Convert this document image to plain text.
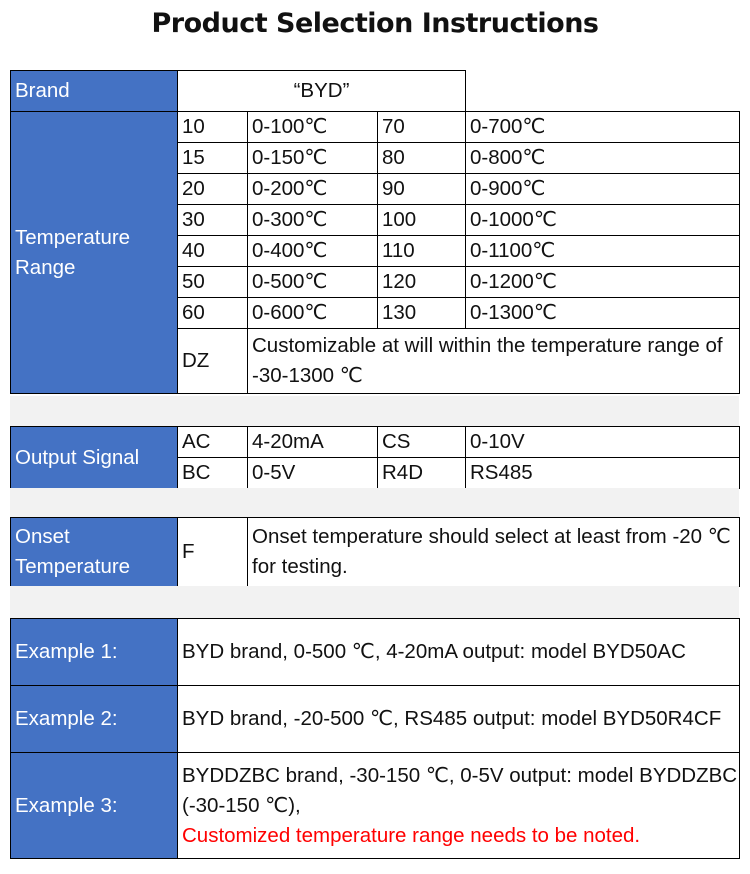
Product Selection Instructions
Brand	“BYD”			
Temperature Range	10	0-100℃	70	0-700℃
	15	0-150℃	80	0-800℃
	20	0-200℃	90	0-900℃
	30	0-300℃	100	0-1000℃
	40	0-400℃	110	0-1100℃
	50	0-500℃	120	0-1200℃
	60	0-600℃	130	0-1300℃
	DZ	Customizable at will within the temperature range of -30-1300 ℃		
Output Signal	AC	4-20mA	CS	0-10V
	BC	0-5V	R4D	RS485
Onset Temperature	F	Onset temperature should select at least from -20 ℃ for testing.
Example 1:	BYD brand, 0-500 ℃, 4-20mA output: model BYD50AC
Example 2:	BYD brand, -20-500 ℃, RS485 output: model BYD50R4CF
Example 3:	BYDDZBC brand, -30-150 ℃, 0-5V output: model BYDDZBC (-30-150 ℃),
Customized temperature range needs to be noted.
